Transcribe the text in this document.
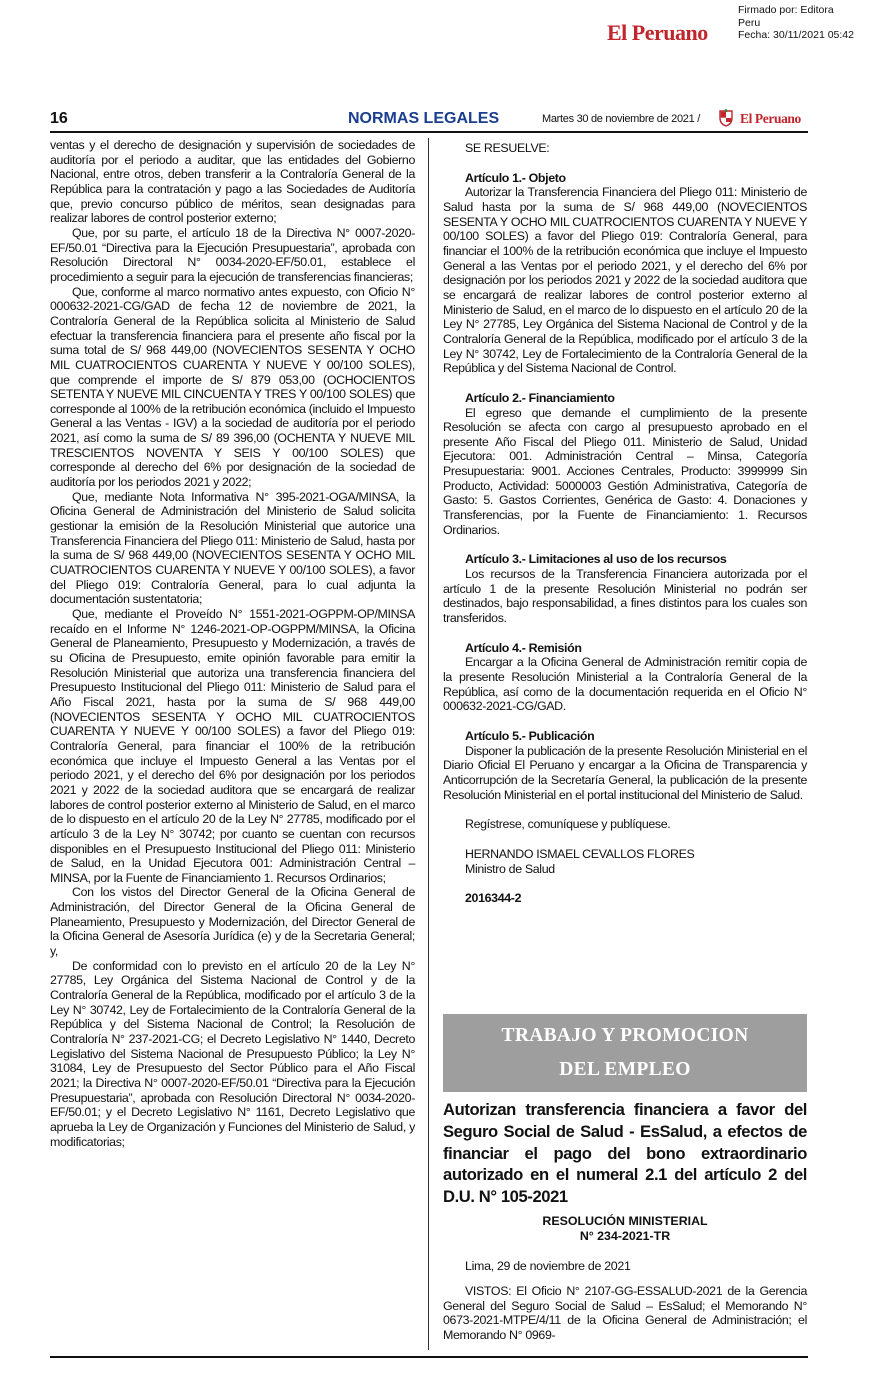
El Peruano
Firmado por: Editora
Peru
Fecha: 30/11/2021 05:42
16	NORMAS LEGALES	Martes 30 de noviembre de 2021 /	El Peruano

ventas y el derecho de designación y supervisión de sociedades de auditoría por el periodo a auditar, que las entidades del Gobierno Nacional, entre otros, deben transferir a la Contraloría General de la República para la contratación y pago a las Sociedades de Auditoría que, previo concurso público de méritos, sean designadas para realizar labores de control posterior externo;

Que, por su parte, el artículo 18 de la Directiva N° 0007-2020-EF/50.01 “Directiva para la Ejecución Presupuestaria”, aprobada con Resolución Directoral N° 0034-2020-EF/50.01, establece el procedimiento a seguir para la ejecución de transferencias financieras;

Que, conforme al marco normativo antes expuesto, con Oficio N° 000632-2021-CG/GAD de fecha 12 de noviembre de 2021, la Contraloría General de la República solicita al Ministerio de Salud efectuar la transferencia financiera para el presente año fiscal por la suma total de S/ 968 449,00 (NOVECIENTOS SESENTA Y OCHO MIL CUATROCIENTOS CUARENTA Y NUEVE Y 00/100 SOLES), que comprende el importe de S/ 879 053,00 (OCHOCIENTOS SETENTA Y NUEVE MIL CINCUENTA Y TRES Y 00/100 SOLES) que corresponde al 100% de la retribución económica (incluido el Impuesto General a las Ventas - IGV) a la sociedad de auditoría por el periodo 2021, así como la suma de S/ 89 396,00 (OCHENTA Y NUEVE MIL TRESCIENTOS NOVENTA Y SEIS Y 00/100 SOLES) que corresponde al derecho del 6% por designación de la sociedad de auditoría por los periodos 2021 y 2022;

Que, mediante Nota Informativa N° 395-2021-OGA/MINSA, la Oficina General de Administración del Ministerio de Salud solicita gestionar la emisión de la Resolución Ministerial que autorice una Transferencia Financiera del Pliego 011: Ministerio de Salud, hasta por la suma de S/ 968 449,00 (NOVECIENTOS SESENTA Y OCHO MIL CUATROCIENTOS CUARENTA Y NUEVE Y 00/100 SOLES), a favor del Pliego 019: Contraloría General, para lo cual adjunta la documentación sustentatoria;

Que, mediante el Proveído N° 1551-2021-OGPPM-OP/MINSA recaído en el Informe N° 1246-2021-OP-OGPPM/MINSA, la Oficina General de Planeamiento, Presupuesto y Modernización, a través de su Oficina de Presupuesto, emite opinión favorable para emitir la Resolución Ministerial que autoriza una transferencia financiera del Presupuesto Institucional del Pliego 011: Ministerio de Salud para el Año Fiscal 2021, hasta por la suma de S/ 968 449,00 (NOVECIENTOS SESENTA Y OCHO MIL CUATROCIENTOS CUARENTA Y NUEVE Y 00/100 SOLES) a favor del Pliego 019: Contraloría General, para financiar el 100% de la retribución económica que incluye el Impuesto General a las Ventas por el periodo 2021, y el derecho del 6% por designación por los periodos 2021 y 2022 de la sociedad auditora que se encargará de realizar labores de control posterior externo al Ministerio de Salud, en el marco de lo dispuesto en el artículo 20 de la Ley N° 27785, modificado por el artículo 3 de la Ley N° 30742; por cuanto se cuentan con recursos disponibles en el Presupuesto Institucional del Pliego 011: Ministerio de Salud, en la Unidad Ejecutora 001: Administración Central – MINSA, por la Fuente de Financiamiento 1. Recursos Ordinarios;

Con los vistos del Director General de la Oficina General de Administración, del Director General de la Oficina General de Planeamiento, Presupuesto y Modernización, del Director General de la Oficina General de Asesoría Jurídica (e) y de la Secretaria General; y,

De conformidad con lo previsto en el artículo 20 de la Ley N° 27785, Ley Orgánica del Sistema Nacional de Control y de la Contraloría General de la República, modificado por el artículo 3 de la Ley N° 30742, Ley de Fortalecimiento de la Contraloría General de la República y del Sistema Nacional de Control; la Resolución de Contraloría N° 237-2021-CG; el Decreto Legislativo N° 1440, Decreto Legislativo del Sistema Nacional de Presupuesto Público; la Ley N° 31084, Ley de Presupuesto del Sector Público para el Año Fiscal 2021; la Directiva N° 0007-2020-EF/50.01 “Directiva para la Ejecución Presupuestaria”, aprobada con Resolución Directoral N° 0034-2020-EF/50.01; y el Decreto Legislativo N° 1161, Decreto Legislativo que aprueba la Ley de Organización y Funciones del Ministerio de Salud, y modificatorias;

SE RESUELVE:

Artículo 1.- Objeto

Autorizar la Transferencia Financiera del Pliego 011: Ministerio de Salud hasta por la suma de S/ 968 449,00 (NOVECIENTOS SESENTA Y OCHO MIL CUATROCIENTOS CUARENTA Y NUEVE Y 00/100 SOLES) a favor del Pliego 019: Contraloría General, para financiar el 100% de la retribución económica que incluye el Impuesto General a las Ventas por el periodo 2021, y el derecho del 6% por designación por los periodos 2021 y 2022 de la sociedad auditora que se encargará de realizar labores de control posterior externo al Ministerio de Salud, en el marco de lo dispuesto en el artículo 20 de la Ley N° 27785, Ley Orgánica del Sistema Nacional de Control y de la Contraloría General de la República, modificado por el artículo 3 de la Ley N° 30742, Ley de Fortalecimiento de la Contraloría General de la República y del Sistema Nacional de Control.

Artículo 2.- Financiamiento

El egreso que demande el cumplimiento de la presente Resolución se afecta con cargo al presupuesto aprobado en el presente Año Fiscal del Pliego 011. Ministerio de Salud, Unidad Ejecutora: 001. Administración Central – Minsa, Categoría Presupuestaria: 9001. Acciones Centrales, Producto: 3999999 Sin Producto, Actividad: 5000003 Gestión Administrativa, Categoría de Gasto: 5. Gastos Corrientes, Genérica de Gasto: 4. Donaciones y Transferencias, por la Fuente de Financiamiento: 1. Recursos Ordinarios.

Artículo 3.- Limitaciones al uso de los recursos

Los recursos de la Transferencia Financiera autorizada por el artículo 1 de la presente Resolución Ministerial no podrán ser destinados, bajo responsabilidad, a fines distintos para los cuales son transferidos.

Artículo 4.- Remisión

Encargar a la Oficina General de Administración remitir copia de la presente Resolución Ministerial a la Contraloría General de la República, así como de la documentación requerida en el Oficio N° 000632-2021-CG/GAD.

Artículo 5.- Publicación

Disponer la publicación de la presente Resolución Ministerial en el Diario Oficial El Peruano y encargar a la Oficina de Transparencia y Anticorrupción de la Secretaría General, la publicación de la presente Resolución Ministerial en el portal institucional del Ministerio de Salud.

Regístrese, comuníquese y publíquese.

HERNANDO ISMAEL CEVALLOS FLORES

Ministro de Salud

2016344-2

TRABAJO Y PROMOCION
DEL EMPLEO
Autorizan transferencia financiera a favor del Seguro Social de Salud - EsSalud, a efectos de financiar el pago del bono extraordinario autorizado en el numeral 2.1 del artículo 2 del D.U. N° 105-2021
RESOLUCIÓN MINISTERIAL
N° 234-2021-TR
Lima, 29 de noviembre de 2021

VISTOS: El Oficio N° 2107-GG-ESSALUD-2021 de la Gerencia General del Seguro Social de Salud – EsSalud; el Memorando N° 0673-2021-MTPE/4/11 de la Oficina General de Administración; el Memorando N° 0969-
